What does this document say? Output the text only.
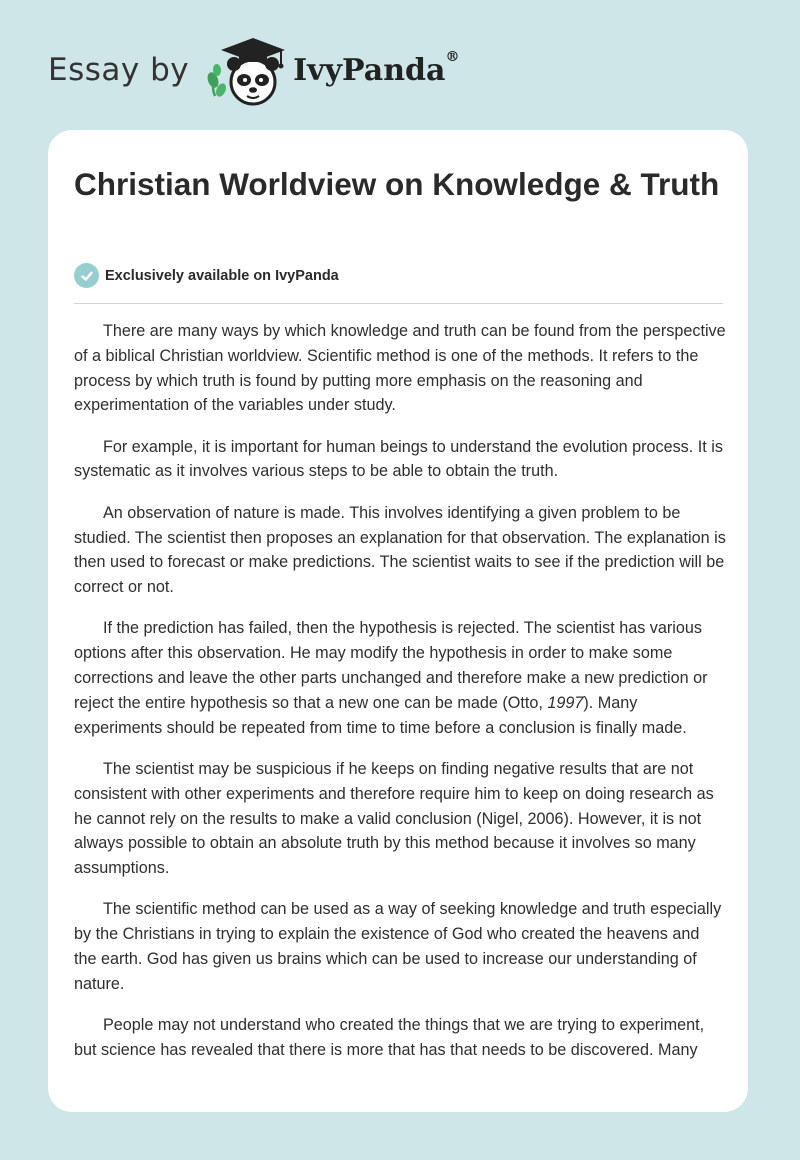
Essay by	IvyPanda®
Christian Worldview on Knowledge & Truth
Exclusively available on IvyPanda

There are many ways by which knowledge and truth can be found from the perspective of a biblical Christian worldview. Scientific method is one of the methods. It refers to the process by which truth is found by putting more emphasis on the reasoning and experimentation of the variables under study.

For example, it is important for human beings to understand the evolution process. It is systematic as it involves various steps to be able to obtain the truth.

An observation of nature is made. This involves identifying a given problem to be studied. The scientist then proposes an explanation for that observation. The explanation is then used to forecast or make predictions. The scientist waits to see if the prediction will be correct or not.

If the prediction has failed, then the hypothesis is rejected. The scientist has various options after this observation. He may modify the hypothesis in order to make some corrections and leave the other parts unchanged and therefore make a new prediction or reject the entire hypothesis so that a new one can be made (Otto, 1997). Many experiments should be repeated from time to time before a conclusion is finally made.

The scientist may be suspicious if he keeps on finding negative results that are not consistent with other experiments and therefore require him to keep on doing research as he cannot rely on the results to make a valid conclusion (Nigel, 2006). However, it is not always possible to obtain an absolute truth by this method because it involves so many assumptions.

The scientific method can be used as a way of seeking knowledge and truth especially by the Christians in trying to explain the existence of God who created the heavens and the earth. God has given us brains which can be used to increase our understanding of nature.

People may not understand who created the things that we are trying to experiment, but science has revealed that there is more that has that needs to be discovered. Many
